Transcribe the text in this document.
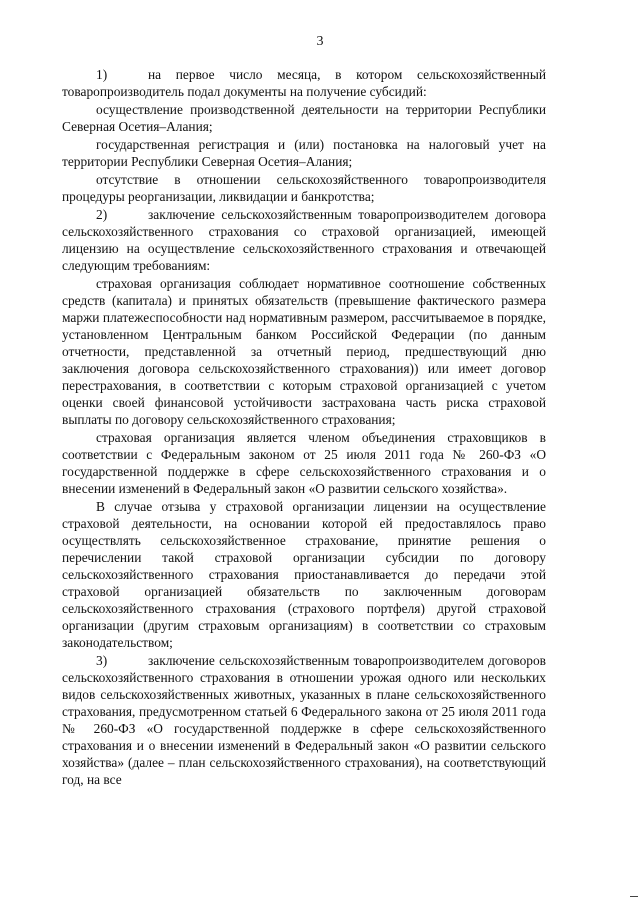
3

1)	на первое число месяца, в котором сельскохозяйственный товаропроизводитель подал документы на получение субсидий:

осуществление производственной деятельности на территории Республики Северная Осетия–Алания;

государственная регистрация и (или) постановка на налоговый учет на территории Республики Северная Осетия–Алания;

отсутствие в отношении сельскохозяйственного товаропроизводителя процедуры реорганизации, ликвидации и банкротства;

2)	заключение сельскохозяйственным товаропроизводителем договора сельскохозяйственного страхования со страховой организацией, имеющей лицензию на осуществление сельскохозяйственного страхования и отвечающей следующим требованиям:

страховая организация соблюдает нормативное соотношение собственных средств (капитала) и принятых обязательств (превышение фактического размера маржи платежеспособности над нормативным размером, рассчитываемое в порядке, установленном Центральным банком Российской Федерации (по данным отчетности, представленной за отчетный период, предшествующий дню заключения договора сельскохозяйственного страхования)) или имеет договор перестрахования, в соответствии с которым страховой организацией с учетом оценки своей финансовой устойчивости застрахована часть риска страховой выплаты по договору сельскохозяйственного страхования;

страховая организация является членом объединения страховщиков в соответствии с Федеральным законом от 25 июля 2011 года № 260-ФЗ «О государственной поддержке в сфере сельскохозяйственного страхования и о внесении изменений в Федеральный закон «О развитии сельского хозяйства».

В случае отзыва у страховой организации лицензии на осуществление страховой деятельности, на основании которой ей предоставлялось право осуществлять сельскохозяйственное страхование, принятие решения о перечислении такой страховой организации субсидии по договору сельскохозяйственного страхования приостанавливается до передачи этой страховой организацией обязательств по заключенным договорам сельскохозяйственного страхования (страхового портфеля) другой страховой организации (другим страховым организациям) в соответствии со страховым законодательством;

3)	заключение сельскохозяйственным товаропроизводителем договоров сельскохозяйственного страхования в отношении урожая одного или нескольких видов сельскохозяйственных животных, указанных в плане сельскохозяйственного страхования, предусмотренном статьей 6 Федерального закона от 25 июля 2011 года № 260-ФЗ «О государственной поддержке в сфере сельскохозяйственного страхования и о внесении изменений в Федеральный закон «О развитии сельского хозяйства» (далее – план сельскохозяйственного страхования), на соответствующий год, на все
